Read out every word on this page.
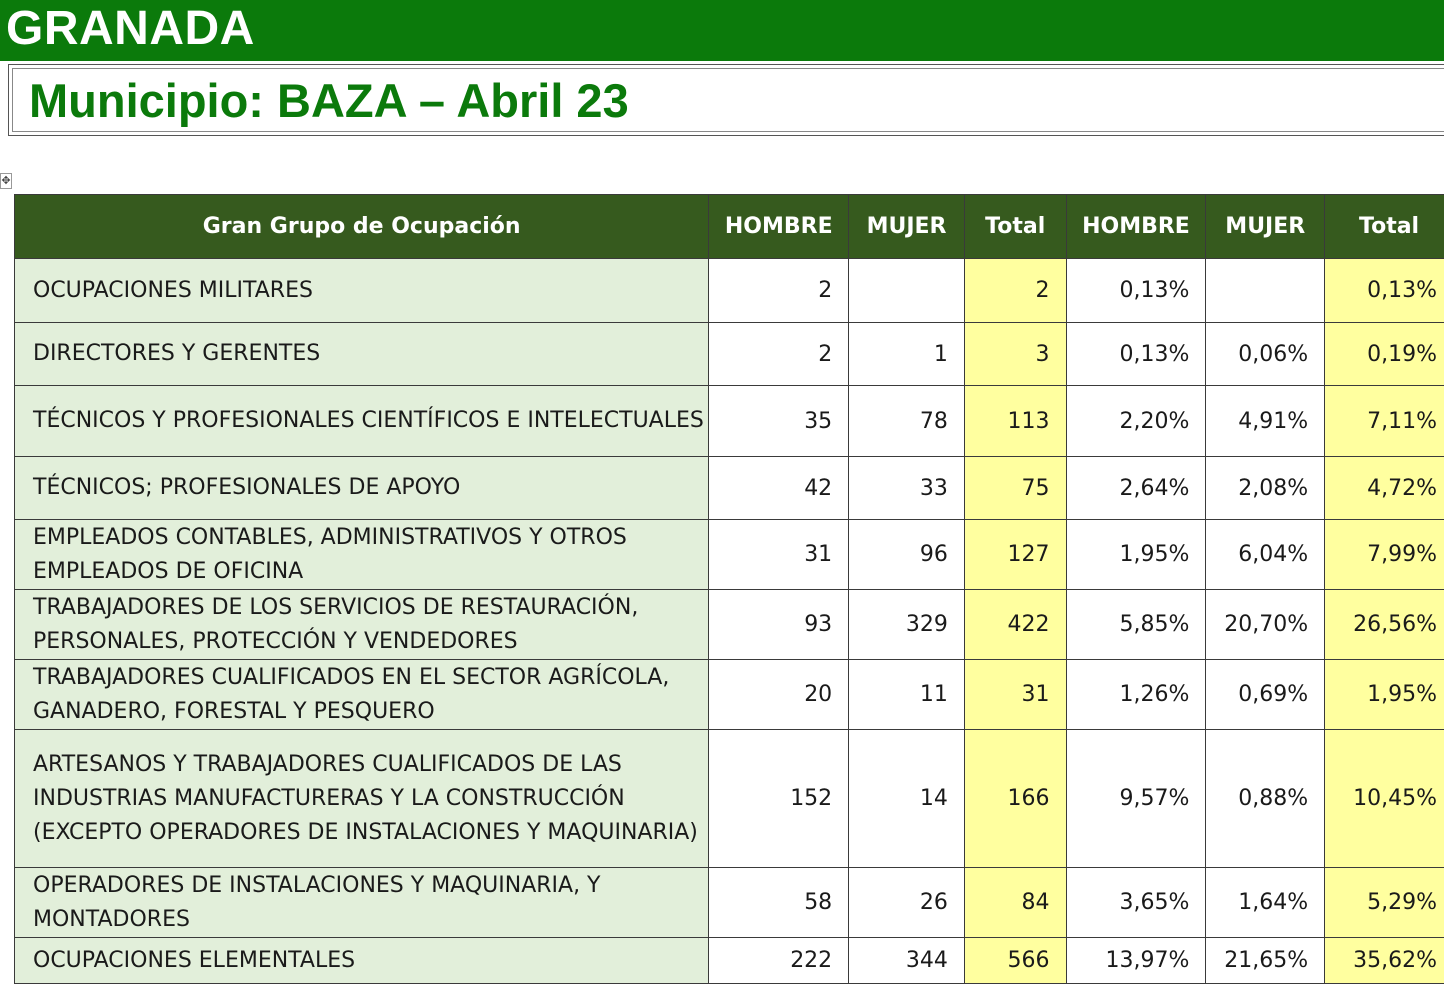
GRANADA
Municipio: BAZA – Abril 23
✥
Gran Grupo de Ocupación	HOMBRE	MUJER	Total	HOMBRE	MUJER	Total
OCUPACIONES MILITARES	2		2	0,13%		0,13%
DIRECTORES Y GERENTES	2	1	3	0,13%	0,06%	0,19%
TÉCNICOS Y PROFESIONALES CIENTÍFICOS E INTELECTUALES	35	78	113	2,20%	4,91%	7,11%
TÉCNICOS; PROFESIONALES DE APOYO	42	33	75	2,64%	2,08%	4,72%
EMPLEADOS CONTABLES, ADMINISTRATIVOS Y OTROS EMPLEADOS DE OFICINA	31	96	127	1,95%	6,04%	7,99%
TRABAJADORES DE LOS SERVICIOS DE RESTAURACIÓN, PERSONALES, PROTECCIÓN Y VENDEDORES	93	329	422	5,85%	20,70%	26,56%
TRABAJADORES CUALIFICADOS EN EL SECTOR AGRÍCOLA, GANADERO, FORESTAL Y PESQUERO	20	11	31	1,26%	0,69%	1,95%
ARTESANOS Y TRABAJADORES CUALIFICADOS DE LAS INDUSTRIAS MANUFACTURERAS Y LA CONSTRUCCIÓN (EXCEPTO OPERADORES DE INSTALACIONES Y MAQUINARIA)	152	14	166	9,57%	0,88%	10,45%
OPERADORES DE INSTALACIONES Y MAQUINARIA, Y MONTADORES	58	26	84	3,65%	1,64%	5,29%
OCUPACIONES ELEMENTALES	222	344	566	13,97%	21,65%	35,62%
